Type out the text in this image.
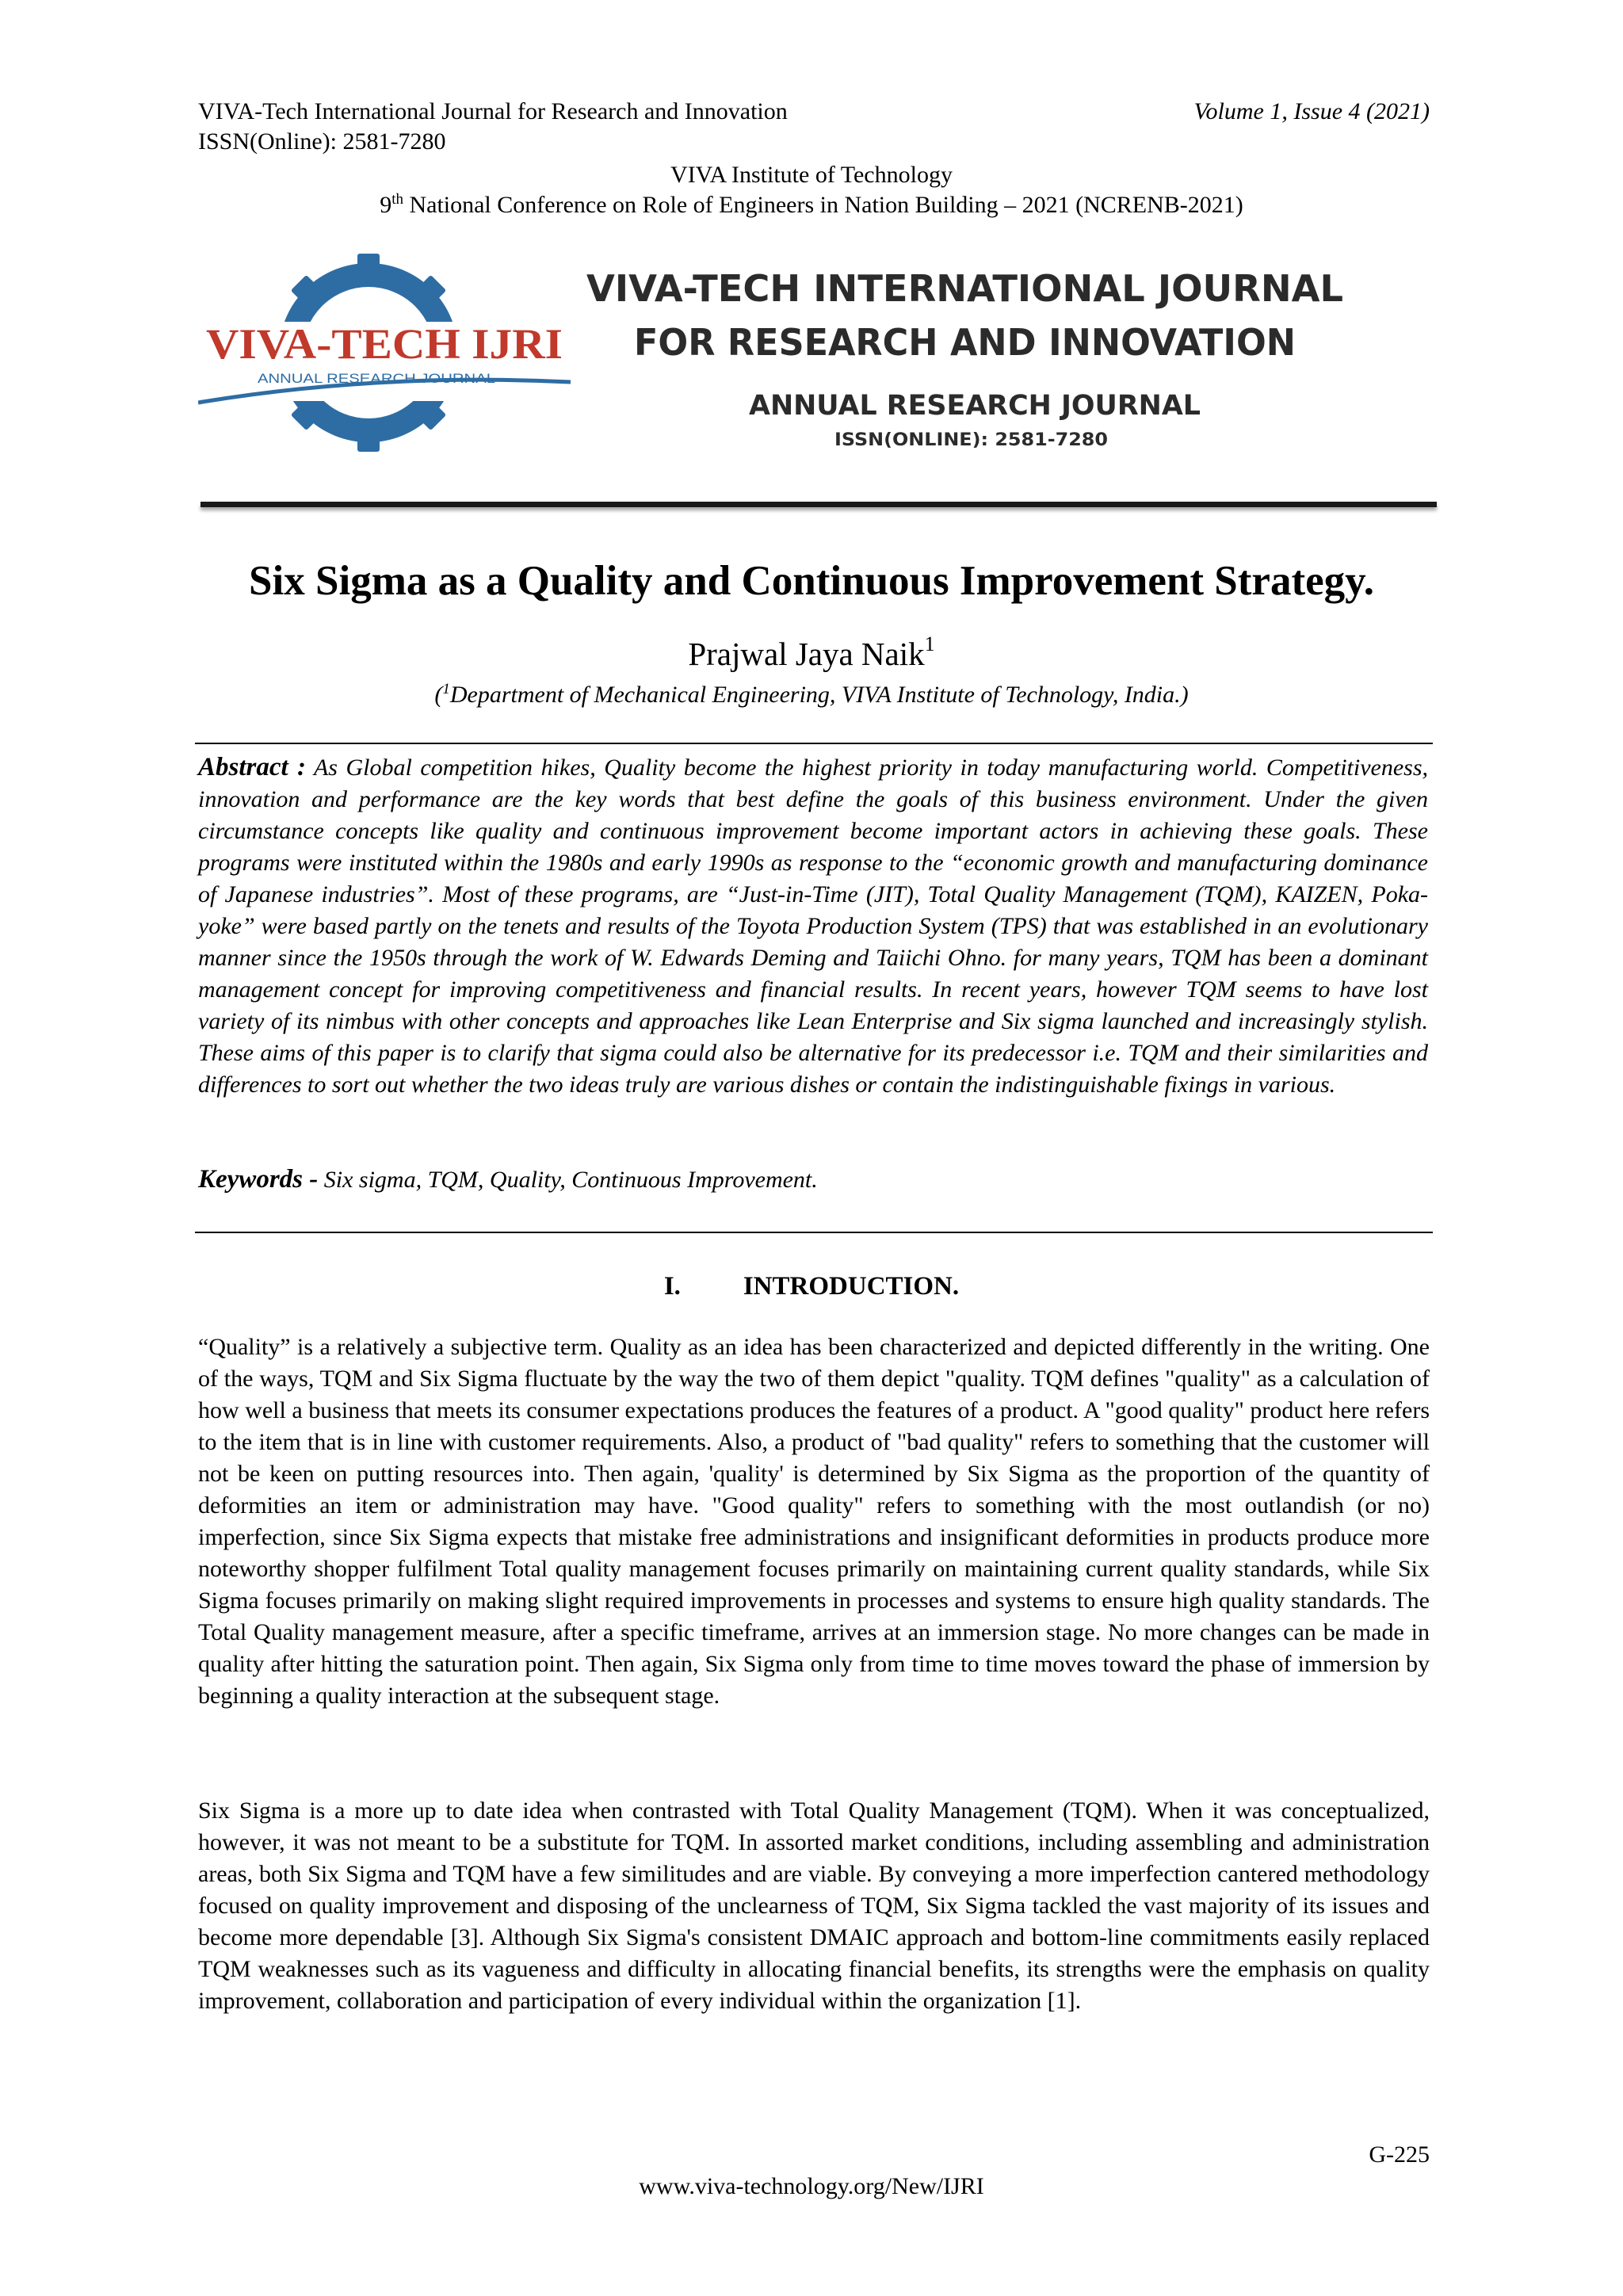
VIVA-Tech International Journal for Research and Innovation
ISSN(Online): 2581-7280
Volume 1, Issue 4 (2021)
VIVA Institute of Technology
9th National Conference on Role of Engineers in Nation Building – 2021 (NCRENB-2021)
VIVA-TECH IJRI
ANNUAL RESEARCH JOURNAL
VIVA-TECH INTERNATIONAL JOURNAL
FOR RESEARCH AND INNOVATION
ANNUAL RESEARCH JOURNAL
ISSN(ONLINE): 2581-7280
Six Sigma as a Quality and Continuous Improvement Strategy.
Prajwal Jaya Naik$^1$
($^1$Department of Mechanical Engineering, VIVA Institute of Technology, India.)

Abstract : As Global competition hikes, Quality become the highest priority in today manufacturing world. Competitiveness, innovation and performance are the key words that best define the goals of this business environment. Under the given circumstance concepts like quality and continuous improvement become important actors in achieving these goals. These programs were instituted within the 1980s and early 1990s as response to the “economic growth and manufacturing dominance of Japanese industries”. Most of these programs, are “Just-in-Time (JIT), Total Quality Management (TQM), KAIZEN, Poka-yoke” were based partly on the tenets and results of the Toyota Production System (TPS) that was established in an evolutionary manner since the 1950s through the work of W. Edwards Deming and Taiichi Ohno. for many years, TQM has been a dominant management concept for improving competitiveness and financial results. In recent years, however TQM seems to have lost variety of its nimbus with other concepts and approaches like Lean Enterprise and Six sigma launched and increasingly stylish. These aims of this paper is to clarify that sigma could also be alternative for its predecessor i.e. TQM and their similarities and differences to sort out whether the two ideas truly are various dishes or contain the indistinguishable fixings in various.

Keywords - Six sigma, TQM, Quality, Continuous Improvement.

I. INTRODUCTION.

“Quality” is a relatively a subjective term. Quality as an idea has been characterized and depicted differently in the writing. One of the ways, TQM and Six Sigma fluctuate by the way the two of them depict "quality. TQM defines "quality" as a calculation of how well a business that meets its consumer expectations produces the features of a product. A "good quality" product here refers to the item that is in line with customer requirements. Also, a product of "bad quality" refers to something that the customer will not be keen on putting resources into. Then again, 'quality' is determined by Six Sigma as the proportion of the quantity of deformities an item or administration may have. "Good quality" refers to something with the most outlandish (or no) imperfection, since Six Sigma expects that mistake free administrations and insignificant deformities in products produce more noteworthy shopper fulfilment Total quality management focuses primarily on maintaining current quality standards, while Six Sigma focuses primarily on making slight required improvements in processes and systems to ensure high quality standards. The Total Quality management measure, after a specific timeframe, arrives at an immersion stage. No more changes can be made in quality after hitting the saturation point. Then again, Six Sigma only from time to time moves toward the phase of immersion by beginning a quality interaction at the subsequent stage.

Six Sigma is a more up to date idea when contrasted with Total Quality Management (TQM). When it was conceptualized, however, it was not meant to be a substitute for TQM. In assorted market conditions, including assembling and administration areas, both Six Sigma and TQM have a few similitudes and are viable. By conveying a more imperfection cantered methodology focused on quality improvement and disposing of the unclearness of TQM, Six Sigma tackled the vast majority of its issues and become more dependable [3]. Although Six Sigma's consistent DMAIC approach and bottom-line commitments easily replaced TQM weaknesses such as its vagueness and difficulty in allocating financial benefits, its strengths were the emphasis on quality improvement, collaboration and participation of every individual within the organization [1].

G-225
www.viva-technology.org/New/IJRI
